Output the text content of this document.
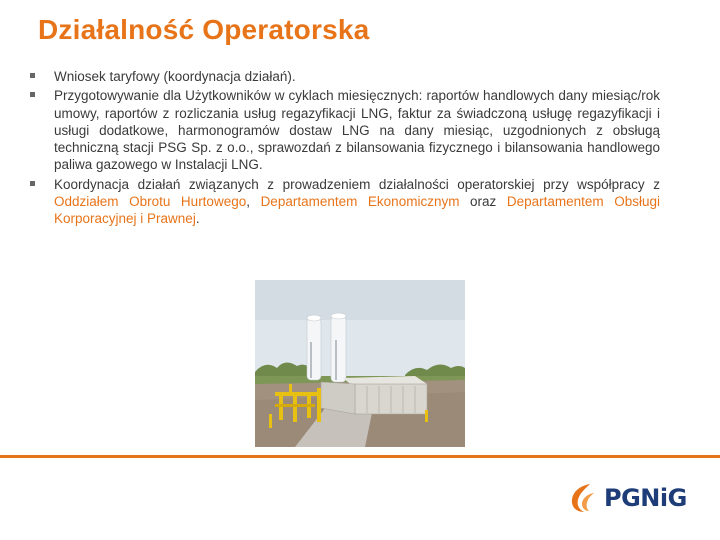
Działalność Operatorska
Wniosek taryfowy (koordynacja działań).
Przygotowywanie dla Użytkowników w cyklach miesięcznych: raportów handlowych dany miesiąc/rok umowy, raportów z rozliczania usług regazyfikacji LNG, faktur za świadczoną usługę regazyfikacji i usługi dodatkowe, harmonogramów dostaw LNG na dany miesiąc, uzgodnionych z obsługą techniczną stacji PSG Sp. z o.o., sprawozdań z bilansowania fizycznego i bilansowania handlowego paliwa gazowego w Instalacji LNG.
Koordynacja działań związanych z prowadzeniem działalności operatorskiej przy współpracy z Oddziałem Obrotu Hurtowego, Departamentem Ekonomicznym oraz Departamentem Obsługi Korporacyjnej i Prawnej.
PGNiG
